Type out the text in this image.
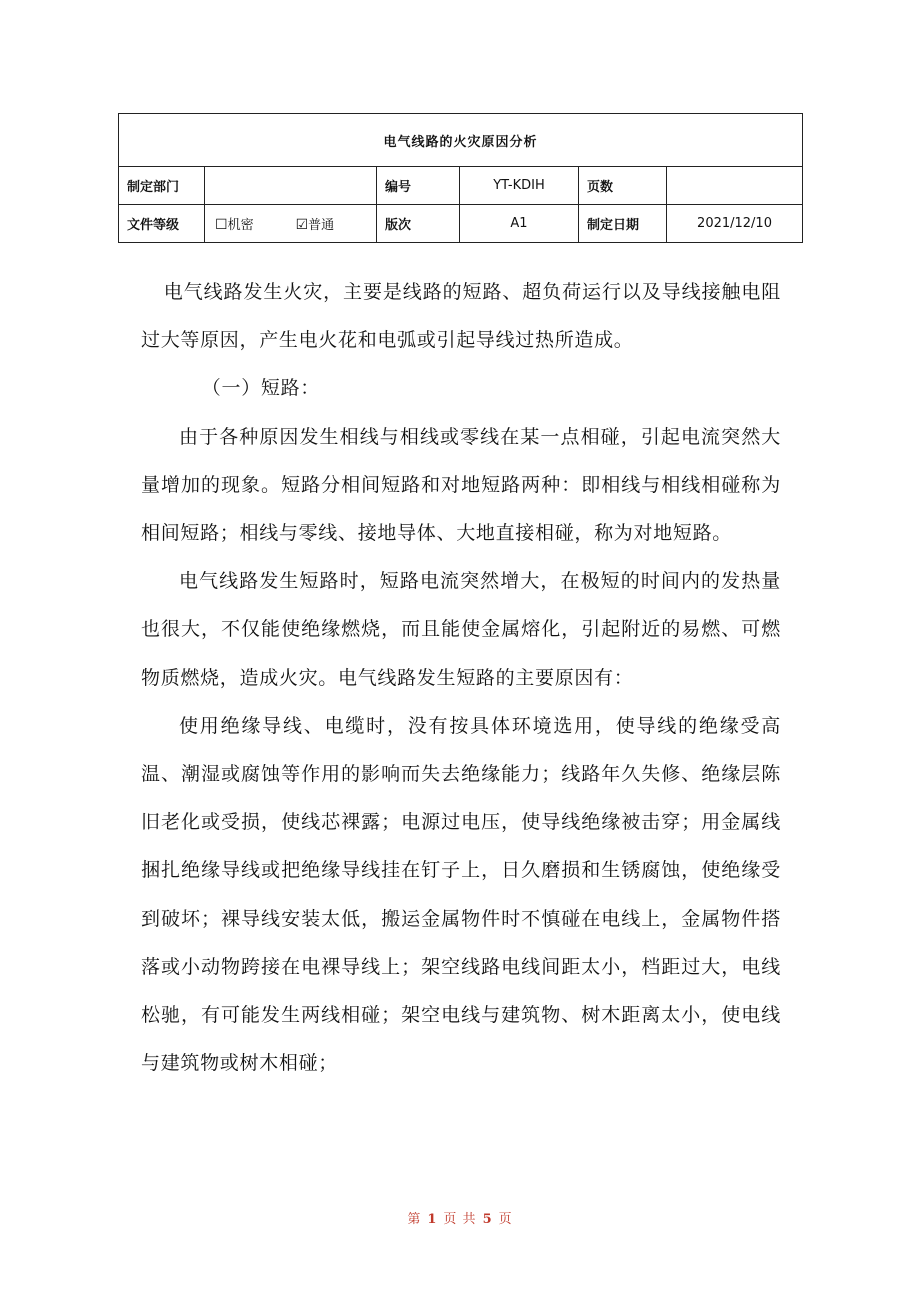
电气线路的火灾原因分析					
制定部门		编号	YT-KDIH	页数	
文件等级	☐机密 ☑普通	版次	A1	制定日期	2021/12/10

电气线路发生火灾，主要是线路的短路、超负荷运行以及导线接触电阻过大等原因，产生电火花和电弧或引起导线过热所造成。

（一）短路：

由于各种原因发生相线与相线或零线在某一点相碰，引起电流突然大量增加的现象。短路分相间短路和对地短路两种：即相线与相线相碰称为相间短路；相线与零线、接地导体、大地直接相碰，称为对地短路。

电气线路发生短路时，短路电流突然增大，在极短的时间内的发热量也很大，不仅能使绝缘燃烧，而且能使金属熔化，引起附近的易燃、可燃物质燃烧，造成火灾。电气线路发生短路的主要原因有：

使用绝缘导线、电缆时，没有按具体环境选用，使导线的绝缘受高温、潮湿或腐蚀等作用的影响而失去绝缘能力；线路年久失修、绝缘层陈旧老化或受损，使线芯裸露；电源过电压，使导线绝缘被击穿；用金属线捆扎绝缘导线或把绝缘导线挂在钉子上，日久磨损和生锈腐蚀，使绝缘受到破坏；裸导线安装太低，搬运金属物件时不慎碰在电线上，金属物件搭落或小动物跨接在电裸导线上；架空线路电线间距太小，档距过大，电线松驰，有可能发生两线相碰；架空电线与建筑物、树木距离太小，使电线与建筑物或树木相碰；

第 1 页 共 5 页
